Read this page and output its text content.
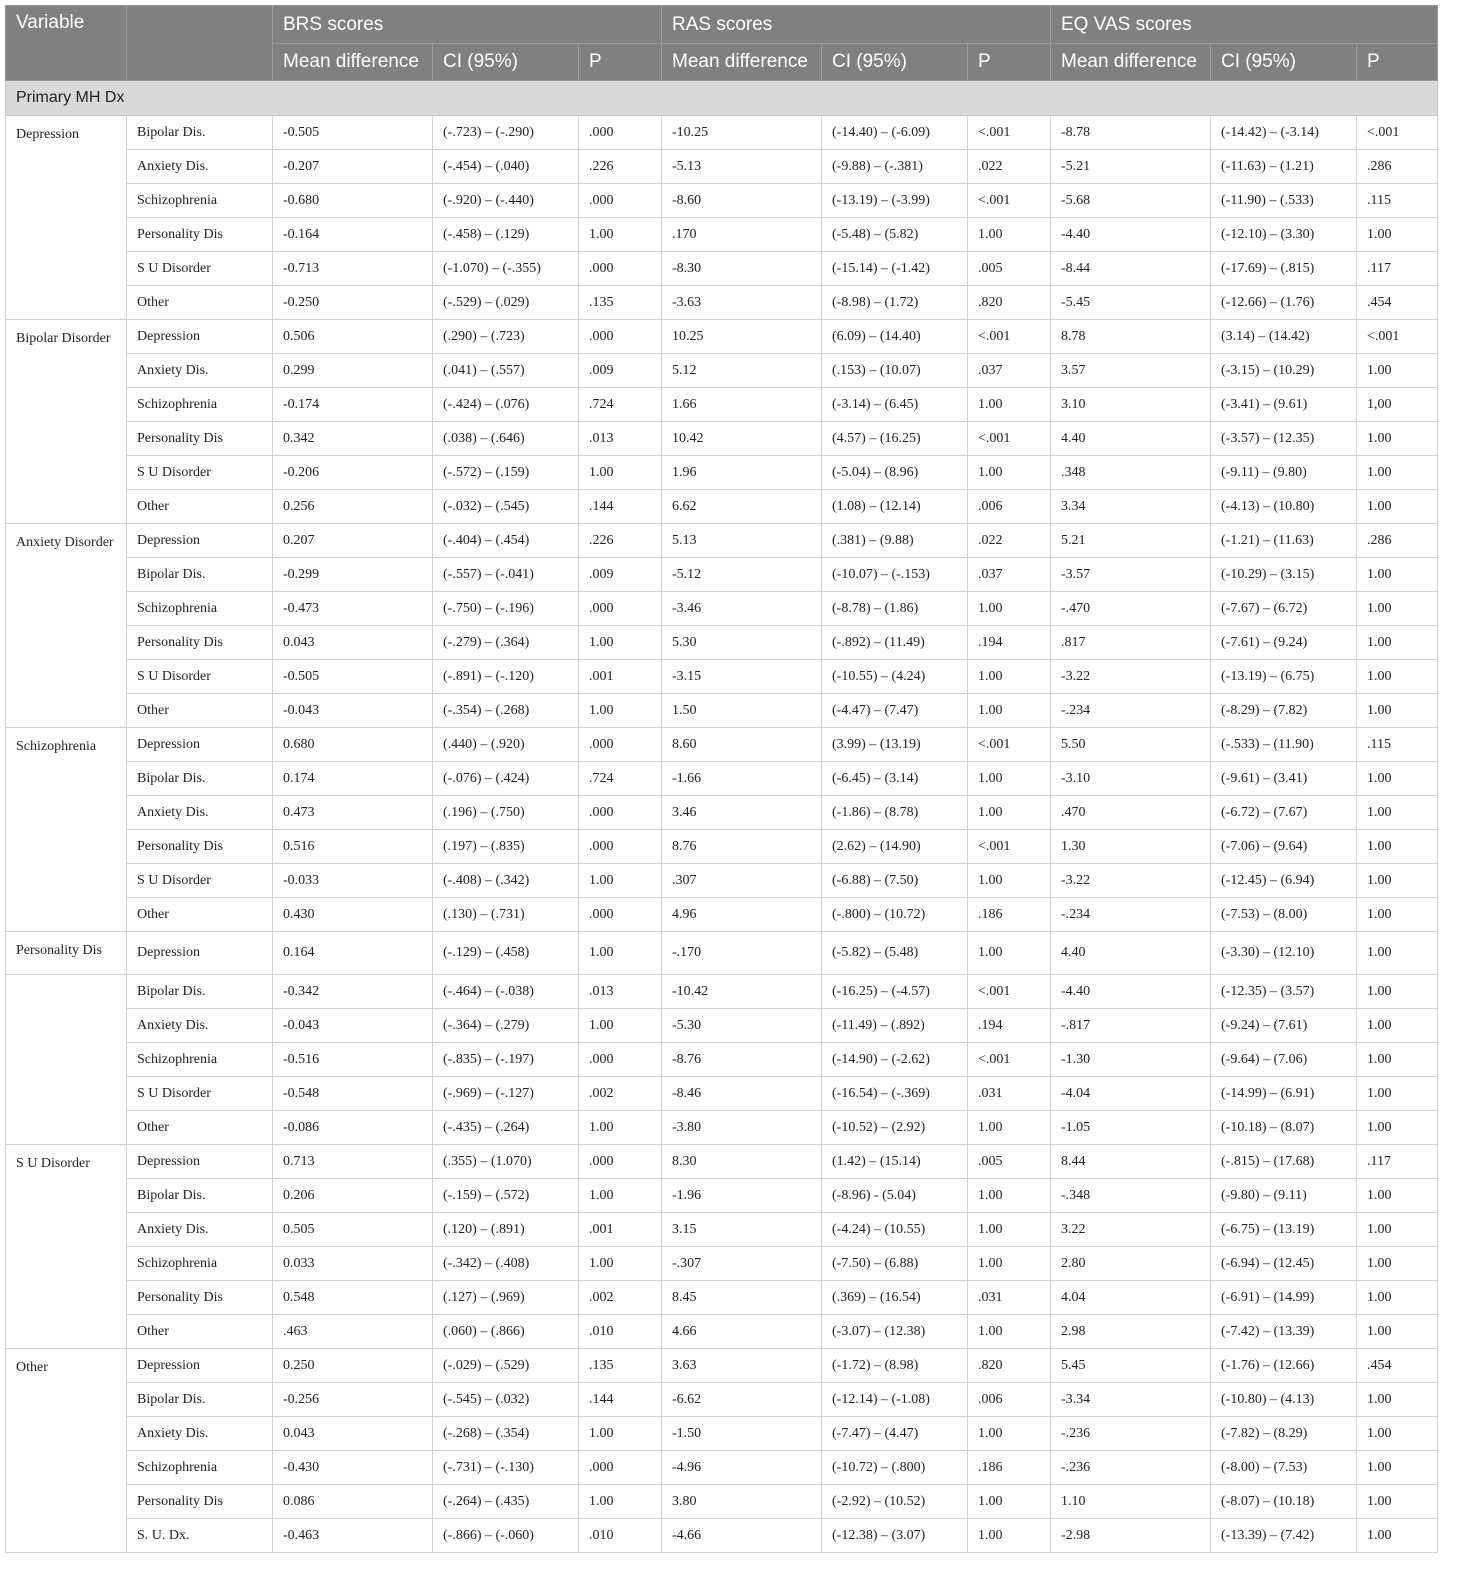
Variable		BRS scores			RAS scores			EQ VAS scores		
		Mean difference	CI (95%)	P	Mean difference	CI (95%)	P	Mean difference	CI (95%)	P
Primary MH Dx										
Depression	Bipolar Dis.	-0.505	(-.723) – (-.290)	.000	-10.25	(-14.40) – (-6.09)	<.001	-8.78	(-14.42) – (-3.14)	<.001
	Anxiety Dis.	-0.207	(-.454) – (.040)	.226	-5.13	(-9.88) – (-.381)	.022	-5.21	(-11.63) – (1.21)	.286
	Schizophrenia	-0.680	(-.920) – (-.440)	.000	-8.60	(-13.19) – (-3.99)	<.001	-5.68	(-11.90) – (.533)	.115
	Personality Dis	-0.164	(-.458) – (.129)	1.00	.170	(-5.48) – (5.82)	1.00	-4.40	(-12.10) – (3.30)	1.00
	S U Disorder	-0.713	(-1.070) – (-.355)	.000	-8.30	(-15.14) – (-1.42)	.005	-8.44	(-17.69) – (.815)	.117
	Other	-0.250	(-.529) – (.029)	.135	-3.63	(-8.98) – (1.72)	.820	-5.45	(-12.66) – (1.76)	.454
Bipolar Disorder	Depression	0.506	(.290) – (.723)	.000	10.25	(6.09) – (14.40)	<.001	8.78	(3.14) – (14.42)	<.001
	Anxiety Dis.	0.299	(.041) – (.557)	.009	5.12	(.153) – (10.07)	.037	3.57	(-3.15) – (10.29)	1.00
	Schizophrenia	-0.174	(-.424) – (.076)	.724	1.66	(-3.14) – (6.45)	1.00	3.10	(-3.41) – (9.61)	1,00
	Personality Dis	0.342	(.038) – (.646)	.013	10.42	(4.57) – (16.25)	<.001	4.40	(-3.57) – (12.35)	1.00
	S U Disorder	-0.206	(-.572) – (.159)	1.00	1.96	(-5.04) – (8.96)	1.00	.348	(-9.11) – (9.80)	1.00
	Other	0.256	(-.032) – (.545)	.144	6.62	(1.08) – (12.14)	.006	3.34	(-4.13) – (10.80)	1.00
Anxiety Disorder	Depression	0.207	(-.404) – (.454)	.226	5.13	(.381) – (9.88)	.022	5.21	(-1.21) – (11.63)	.286
	Bipolar Dis.	-0.299	(-.557) – (-.041)	.009	-5.12	(-10.07) – (-.153)	.037	-3.57	(-10.29) – (3.15)	1.00
	Schizophrenia	-0.473	(-.750) – (-.196)	.000	-3.46	(-8.78) – (1.86)	1.00	-.470	(-7.67) – (6.72)	1.00
	Personality Dis	0.043	(-.279) – (.364)	1.00	5.30	(-.892) – (11.49)	.194	.817	(-7.61) – (9.24)	1.00
	S U Disorder	-0.505	(-.891) – (-.120)	.001	-3.15	(-10.55) – (4.24)	1.00	-3.22	(-13.19) – (6.75)	1.00
	Other	-0.043	(-.354) – (.268)	1.00	1.50	(-4.47) – (7.47)	1.00	-.234	(-8.29) – (7.82)	1.00
Schizophrenia	Depression	0.680	(.440) – (.920)	.000	8.60	(3.99) – (13.19)	<.001	5.50	(-.533) – (11.90)	.115
	Bipolar Dis.	0.174	(-.076) – (.424)	.724	-1.66	(-6.45) – (3.14)	1.00	-3.10	(-9.61) – (3.41)	1.00
	Anxiety Dis.	0.473	(.196) – (.750)	.000	3.46	(-1.86) – (8.78)	1.00	.470	(-6.72) – (7.67)	1.00
	Personality Dis	0.516	(.197) – (.835)	.000	8.76	(2.62) – (14.90)	<.001	1.30	(-7.06) – (9.64)	1.00
	S U Disorder	-0.033	(-.408) – (.342)	1.00	.307	(-6.88) – (7.50)	1.00	-3.22	(-12.45) – (6.94)	1.00
	Other	0.430	(.130) – (.731)	.000	4.96	(-.800) – (10.72)	.186	-.234	(-7.53) – (8.00)	1.00
Personality Dis	Depression	0.164	(-.129) – (.458)	1.00	-.170	(-5.82) – (5.48)	1.00	4.40	(-3.30) – (12.10)	1.00
	Bipolar Dis.	-0.342	(-.464) – (-.038)	.013	-10.42	(-16.25) – (-4.57)	<.001	-4.40	(-12.35) – (3.57)	1.00
	Anxiety Dis.	-0.043	(-.364) – (.279)	1.00	-5.30	(-11.49) – (.892)	.194	-.817	(-9.24) – (7.61)	1.00
	Schizophrenia	-0.516	(-.835) – (-.197)	.000	-8.76	(-14.90) – (-2.62)	<.001	-1.30	(-9.64) – (7.06)	1.00
	S U Disorder	-0.548	(-.969) – (-.127)	.002	-8.46	(-16.54) – (-.369)	.031	-4.04	(-14.99) – (6.91)	1.00
	Other	-0.086	(-.435) – (.264)	1.00	-3.80	(-10.52) – (2.92)	1.00	-1.05	(-10.18) – (8.07)	1.00
S U Disorder	Depression	0.713	(.355) – (1.070)	.000	8.30	(1.42) – (15.14)	.005	8.44	(-.815) – (17.68)	.117
	Bipolar Dis.	0.206	(-.159) – (.572)	1.00	-1.96	(-8.96) - (5.04)	1.00	-.348	(-9.80) – (9.11)	1.00
	Anxiety Dis.	0.505	(.120) – (.891)	.001	3.15	(-4.24) – (10.55)	1.00	3.22	(-6.75) – (13.19)	1.00
	Schizophrenia	0.033	(-.342) – (.408)	1.00	-.307	(-7.50) – (6.88)	1.00	2.80	(-6.94) – (12.45)	1.00
	Personality Dis	0.548	(.127) – (.969)	.002	8.45	(.369) – (16.54)	.031	4.04	(-6.91) – (14.99)	1.00
	Other	.463	(.060) – (.866)	.010	4.66	(-3.07) – (12.38)	1.00	2.98	(-7.42) – (13.39)	1.00
Other	Depression	0.250	(-.029) – (.529)	.135	3.63	(-1.72) – (8.98)	.820	5.45	(-1.76) – (12.66)	.454
	Bipolar Dis.	-0.256	(-.545) – (.032)	.144	-6.62	(-12.14) – (-1.08)	.006	-3.34	(-10.80) – (4.13)	1.00
	Anxiety Dis.	0.043	(-.268) – (.354)	1.00	-1.50	(-7.47) – (4.47)	1.00	-.236	(-7.82) – (8.29)	1.00
	Schizophrenia	-0.430	(-.731) – (-.130)	.000	-4.96	(-10.72) – (.800)	.186	-.236	(-8.00) – (7.53)	1.00
	Personality Dis	0.086	(-.264) – (.435)	1.00	3.80	(-2.92) – (10.52)	1.00	1.10	(-8.07) – (10.18)	1.00
	S. U. Dx.	-0.463	(-.866) – (-.060)	.010	-4.66	(-12.38) – (3.07)	1.00	-2.98	(-13.39) – (7.42)	1.00
